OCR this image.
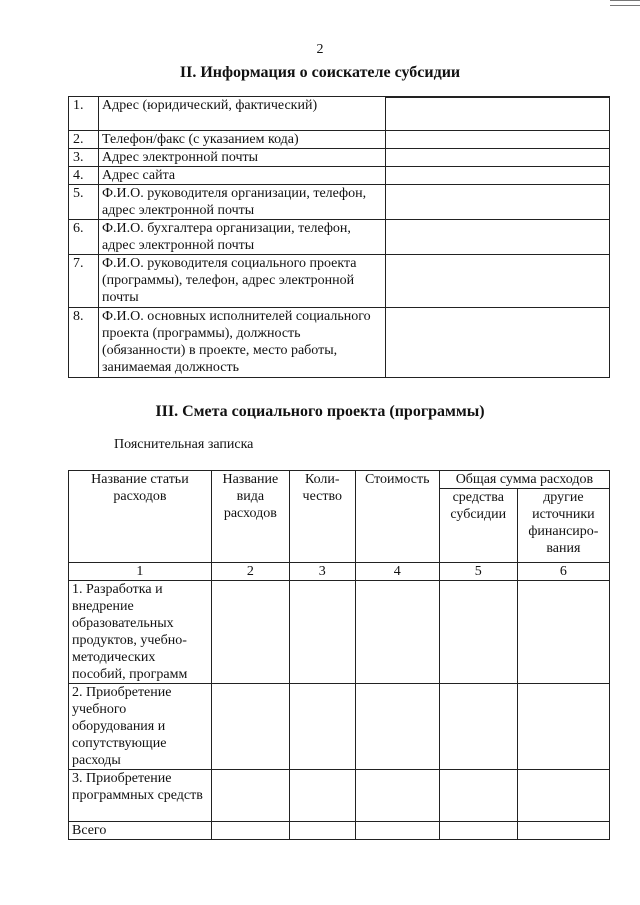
2
II. Информация о соискателе субсидии
1.	Адрес (юридический, фактический)	

2.	Телефон/факс (с указанием кода)	
3.	Адрес электронной почты	
4.	Адрес сайта	
5.	Ф.И.О. руководителя организации, телефон, адрес электронной почты	
6.	Ф.И.О. бухгалтера организации, телефон, адрес электронной почты	
7.	Ф.И.О. руководителя социального проекта (программы), телефон, адрес электронной почты	
8.	Ф.И.О. основных исполнителей социального проекта (программы), должность (обязанности) в проекте, место работы, занимаемая должность	
III. Смета социального проекта (программы)
Пояснительная записка
Название статьи расходов	Название вида расходов	Коли-чество	Стоимость	Общая сумма расходов	
				средства субсидии	другие источники финансиро-вания
1	2	3	4	5	6
1. Разработка и внедрение образовательных продуктов, учебно-методических пособий, программ					
2. Приобретение учебного оборудования и сопутствующие расходы					
3. Приобретение программных средств					
Всего					
